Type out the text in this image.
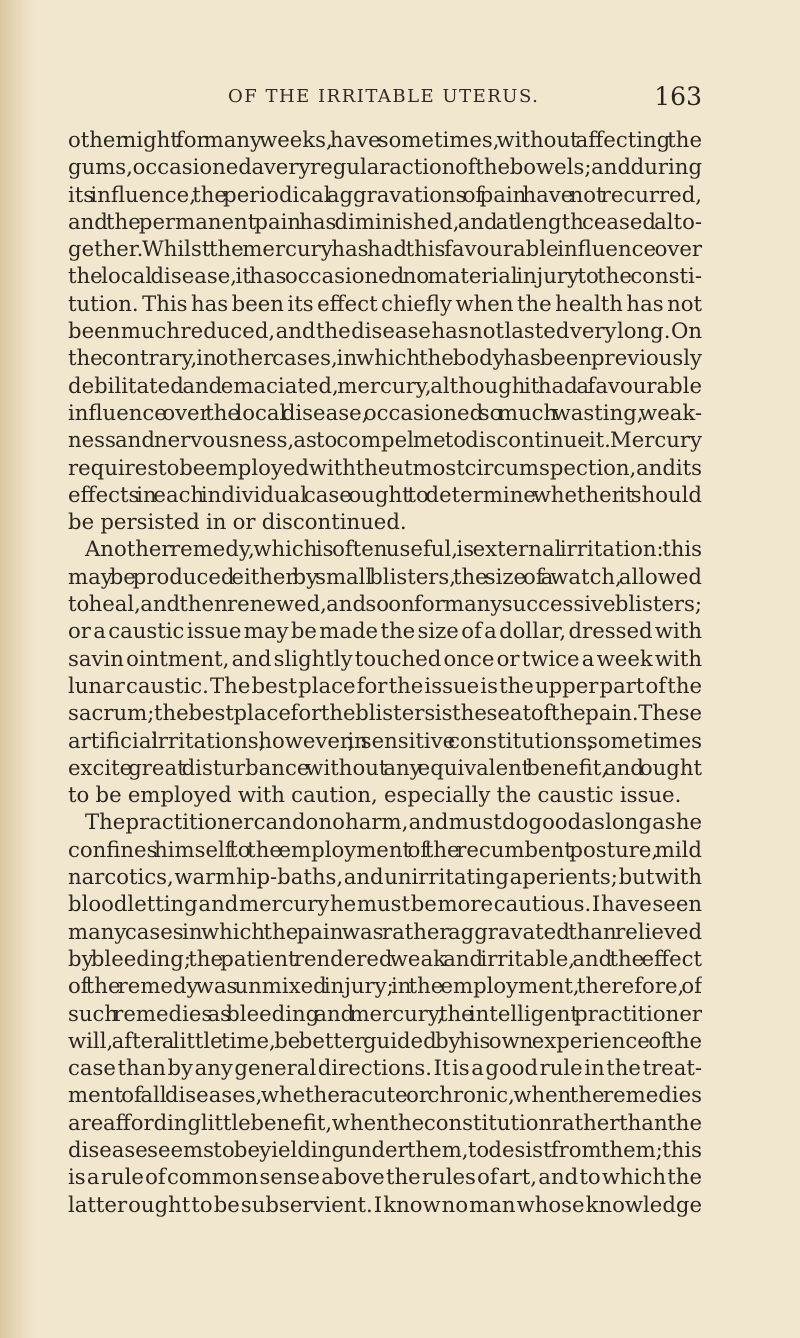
OF THE IRRITABLE UTERUS.	163
other night for many weeks, have sometimes, without affecting the
gums, occasioned a very regular action of the bowels; and during
its influence, the periodical aggravations of pain have not recurred,
and the permanent pain has diminished, and at length ceased alto-
gether. Whilst the mercury has had this favourable influence over
the local disease, it has occasioned no material injury to the consti-
tution. This has been its effect chiefly when the health has not
been much reduced, and the disease has not lasted very long. On
the contrary, in other cases, in which the body has been previously
debilitated and emaciated, mercury, although it had a favourable
influence over the local disease, occasioned so much wasting, weak-
ness and nervousness, as to compel me to discontinue it. Mercury
requires to be employed with the utmost circumspection, and its
effects in each individual case ought to determine whether it should
be persisted in or discontinued.
Another remedy, which is often useful, is external irritation: this
may be produced either by small blisters, the size of a watch, allowed
to heal, and then renewed, and so on for many successive blisters;
or a caustic issue may be made the size of a dollar, dressed with
savin ointment, and slightly touched once or twice a week with
lunar caustic. The best place for the issue is the upper part of the
sacrum; the best place for the blisters is the seat of the pain. These
artificial irritations, however, in sensitive constitutions, sometimes
excite great disturbance without any equivalent benefit, and ought
to be employed with caution, especially the caustic issue.
The practitioner can do no harm, and must do good as long as he
confines himself to the employment of the recumbent posture, mild
narcotics, warm hip-baths, and unirritating aperients; but with
bloodletting and mercury he must be more cautious. I have seen
many cases in which the pain was rather aggravated than relieved
by bleeding; the patient rendered weak and irritable, and the effect
of the remedy was unmixed injury; in the employment, therefore, of
such remedies as bleeding and mercury, the intelligent practitioner
will, after a little time, be better guided by his own experience of the
case than by any general directions. It is a good rule in the treat-
ment of all diseases, whether acute or chronic, when the remedies
are affording little benefit, when the constitution rather than the
disease seems to be yielding under them, to desist from them; this
is a rule of common sense above the rules of art, and to which the
latter ought to be subservient. I know no man whose knowledge
